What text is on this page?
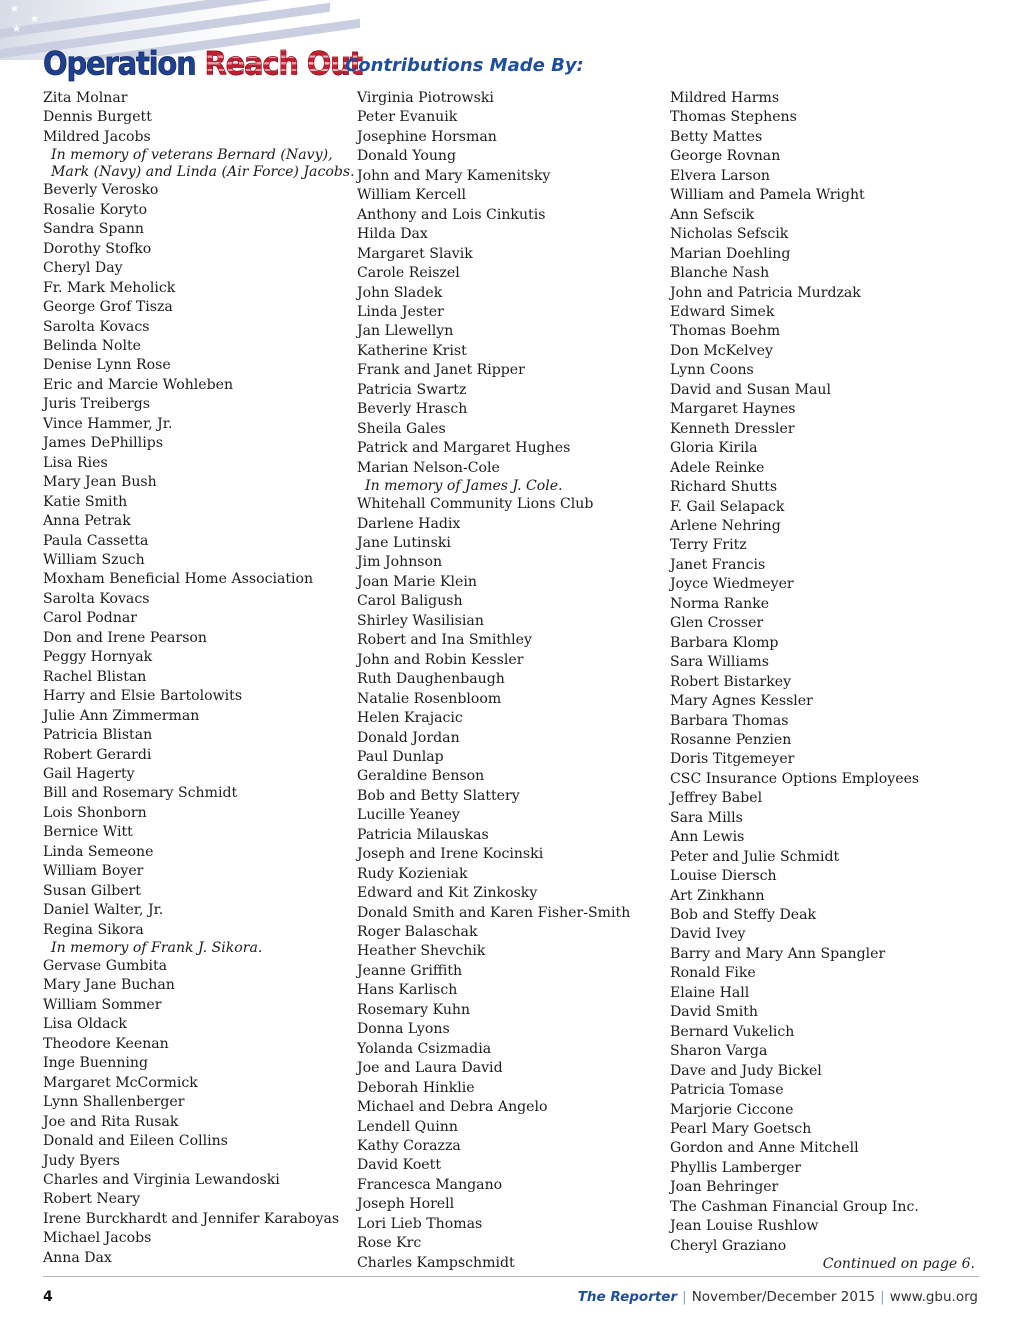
★
★
★
Operation Reach Out
Contributions Made By:
Zita Molnar
Dennis Burgett
Mildred Jacobs
In memory of veterans Bernard (Navy),
Mark (Navy) and Linda (Air Force) Jacobs.
Beverly Verosko
Rosalie Koryto
Sandra Spann
Dorothy Stofko
Cheryl Day
Fr. Mark Meholick
George Grof Tisza
Sarolta Kovacs
Belinda Nolte
Denise Lynn Rose
Eric and Marcie Wohleben
Juris Treibergs
Vince Hammer, Jr.
James DePhillips
Lisa Ries
Mary Jean Bush
Katie Smith
Anna Petrak
Paula Cassetta
William Szuch
Moxham Beneficial Home Association
Sarolta Kovacs
Carol Podnar
Don and Irene Pearson
Peggy Hornyak
Rachel Blistan
Harry and Elsie Bartolowits
Julie Ann Zimmerman
Patricia Blistan
Robert Gerardi
Gail Hagerty
Bill and Rosemary Schmidt
Lois Shonborn
Bernice Witt
Linda Semeone
William Boyer
Susan Gilbert
Daniel Walter, Jr.
Regina Sikora
In memory of Frank J. Sikora.
Gervase Gumbita
Mary Jane Buchan
William Sommer
Lisa Oldack
Theodore Keenan
Inge Buenning
Margaret McCormick
Lynn Shallenberger
Joe and Rita Rusak
Donald and Eileen Collins
Judy Byers
Charles and Virginia Lewandoski
Robert Neary
Irene Burckhardt and Jennifer Karaboyas
Michael Jacobs
Anna Dax
Virginia Piotrowski
Peter Evanuik
Josephine Horsman
Donald Young
John and Mary Kamenitsky
William Kercell
Anthony and Lois Cinkutis
Hilda Dax
Margaret Slavik
Carole Reiszel
John Sladek
Linda Jester
Jan Llewellyn
Katherine Krist
Frank and Janet Ripper
Patricia Swartz
Beverly Hrasch
Sheila Gales
Patrick and Margaret Hughes
Marian Nelson-Cole
In memory of James J. Cole.
Whitehall Community Lions Club
Darlene Hadix
Jane Lutinski
Jim Johnson
Joan Marie Klein
Carol Baligush
Shirley Wasilisian
Robert and Ina Smithley
John and Robin Kessler
Ruth Daughenbaugh
Natalie Rosenbloom
Helen Krajacic
Donald Jordan
Paul Dunlap
Geraldine Benson
Bob and Betty Slattery
Lucille Yeaney
Patricia Milauskas
Joseph and Irene Kocinski
Rudy Kozieniak
Edward and Kit Zinkosky
Donald Smith and Karen Fisher-Smith
Roger Balaschak
Heather Shevchik
Jeanne Griffith
Hans Karlisch
Rosemary Kuhn
Donna Lyons
Yolanda Csizmadia
Joe and Laura David
Deborah Hinklie
Michael and Debra Angelo
Lendell Quinn
Kathy Corazza
David Koett
Francesca Mangano
Joseph Horell
Lori Lieb Thomas
Rose Krc
Charles Kampschmidt
Mildred Harms
Thomas Stephens
Betty Mattes
George Rovnan
Elvera Larson
William and Pamela Wright
Ann Sefscik
Nicholas Sefscik
Marian Doehling
Blanche Nash
John and Patricia Murdzak
Edward Simek
Thomas Boehm
Don McKelvey
Lynn Coons
David and Susan Maul
Margaret Haynes
Kenneth Dressler
Gloria Kirila
Adele Reinke
Richard Shutts
F. Gail Selapack
Arlene Nehring
Terry Fritz
Janet Francis
Joyce Wiedmeyer
Norma Ranke
Glen Crosser
Barbara Klomp
Sara Williams
Robert Bistarkey
Mary Agnes Kessler
Barbara Thomas
Rosanne Penzien
Doris Titgemeyer
CSC Insurance Options Employees
Jeffrey Babel
Sara Mills
Ann Lewis
Peter and Julie Schmidt
Louise Diersch
Art Zinkhann
Bob and Steffy Deak
David Ivey
Barry and Mary Ann Spangler
Ronald Fike
Elaine Hall
David Smith
Bernard Vukelich
Sharon Varga
Dave and Judy Bickel
Patricia Tomase
Marjorie Ciccone
Pearl Mary Goetsch
Gordon and Anne Mitchell
Phyllis Lamberger
Joan Behringer
The Cashman Financial Group Inc.
Jean Louise Rushlow
Cheryl Graziano
Continued on page 6.
4	The Reporter | November/December 2015 | www.gbu.org
